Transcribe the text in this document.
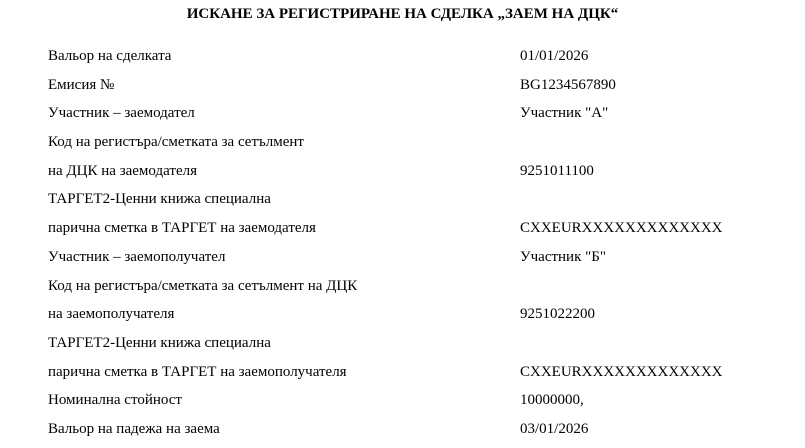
ИСКАНЕ ЗА РЕГИСТРИРАНЕ НА СДЕЛКА „ЗАЕМ НА ДЦК“
Вальор на сделката	01/01/2026
Емисия №	BG1234567890
Участник – заемодател	Участник "А"
Код на регистъра/сметката за сетълмент
на ДЦК на заемодателя	9251011100
ТАРГЕТ2-Ценни книжа специална
парична сметка в ТАРГЕТ на заемодателя	CXXEURXXXXXXXXXXXXX
Участник – заемополучател	Участник "Б"
Код на регистъра/сметката за сетълмент на ДЦК
на заемополучателя	9251022200
ТАРГЕТ2-Ценни книжа специална
парична сметка в ТАРГЕТ на заемополучателя	CXXEURXXXXXXXXXXXXX
Номинална стойност	10000000,
Вальор на падежа на заема	03/01/2026
